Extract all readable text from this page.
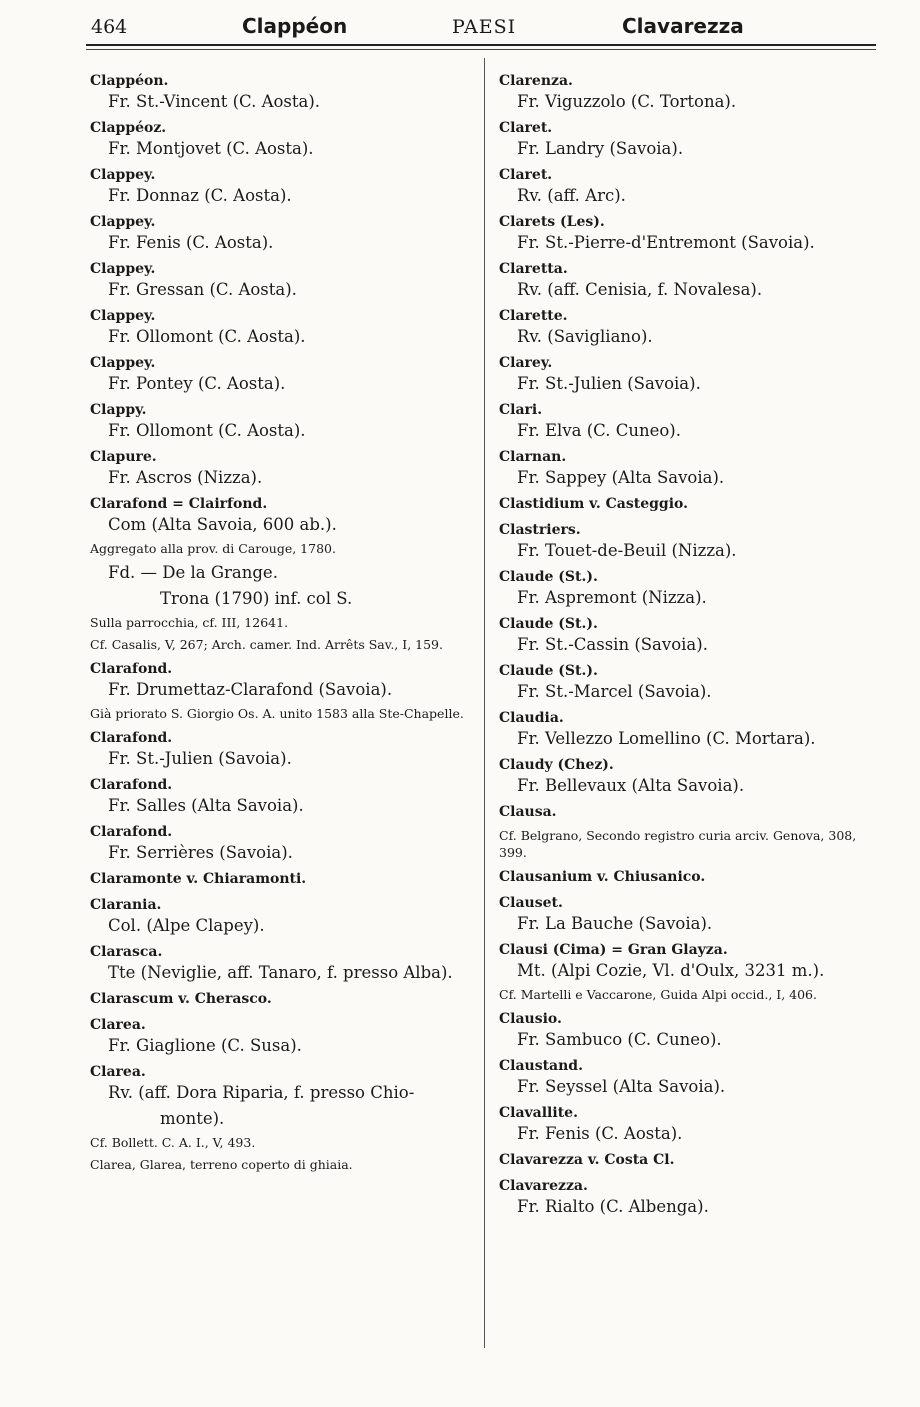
464	Clappéon	PAESI	Clavarezza
Clappéon.
Fr. St.-Vincent (C. Aosta).
Clappéoz.
Fr. Montjovet (C. Aosta).
Clappey.
Fr. Donnaz (C. Aosta).
Clappey.
Fr. Fenis (C. Aosta).
Clappey.
Fr. Gressan (C. Aosta).
Clappey.
Fr. Ollomont (C. Aosta).
Clappey.
Fr. Pontey (C. Aosta).
Clappy.
Fr. Ollomont (C. Aosta).
Clapure.
Fr. Ascros (Nizza).
Clarafond = Clairfond.
Com (Alta Savoia, 600 ab.).
Aggregato alla prov. di Carouge, 1780.
Fd. — De la Grange.
Trona (1790) inf. col S.
Sulla parrocchia, cf. III, 12641.
Cf. Casalis, V, 267; Arch. camer. Ind. Arrêts Sav., I, 159.
Clarafond.
Fr. Drumettaz-Clarafond (Savoia).
Già priorato S. Giorgio Os. A. unito 1583 alla Ste-Chapelle.
Clarafond.
Fr. St.-Julien (Savoia).
Clarafond.
Fr. Salles (Alta Savoia).
Clarafond.
Fr. Serrières (Savoia).
Claramonte v. Chiaramonti.
Clarania.
Col. (Alpe Clapey).
Clarasca.
Tte (Neviglie, aff. Tanaro, f. presso Alba).
Clarascum v. Cherasco.
Clarea.
Fr. Giaglione (C. Susa).
Clarea.
Rv. (aff. Dora Riparia, f. presso Chio-
monte).
Cf. Bollett. C. A. I., V, 493.
Clarea, Glarea, terreno coperto di ghiaia.
Clarenza.
Fr. Viguzzolo (C. Tortona).
Claret.
Fr. Landry (Savoia).
Claret.
Rv. (aff. Arc).
Clarets (Les).
Fr. St.-Pierre-d'Entremont (Savoia).
Claretta.
Rv. (aff. Cenisia, f. Novalesa).
Clarette.
Rv. (Savigliano).
Clarey.
Fr. St.-Julien (Savoia).
Clari.
Fr. Elva (C. Cuneo).
Clarnan.
Fr. Sappey (Alta Savoia).
Clastidium v. Casteggio.
Clastriers.
Fr. Touet-de-Beuil (Nizza).
Claude (St.).
Fr. Aspremont (Nizza).
Claude (St.).
Fr. St.-Cassin (Savoia).
Claude (St.).
Fr. St.-Marcel (Savoia).
Claudia.
Fr. Vellezzo Lomellino (C. Mortara).
Claudy (Chez).
Fr. Bellevaux (Alta Savoia).
Clausa.
Cf. Belgrano, Secondo registro curia arciv. Genova, 308, 399.
Clausanium v. Chiusanico.
Clauset.
Fr. La Bauche (Savoia).
Clausi (Cima) = Gran Glayza.
Mt. (Alpi Cozie, Vl. d'Oulx, 3231 m.).
Cf. Martelli e Vaccarone, Guida Alpi occid., I, 406.
Clausio.
Fr. Sambuco (C. Cuneo).
Claustand.
Fr. Seyssel (Alta Savoia).
Clavallite.
Fr. Fenis (C. Aosta).
Clavarezza v. Costa Cl.
Clavarezza.
Fr. Rialto (C. Albenga).
